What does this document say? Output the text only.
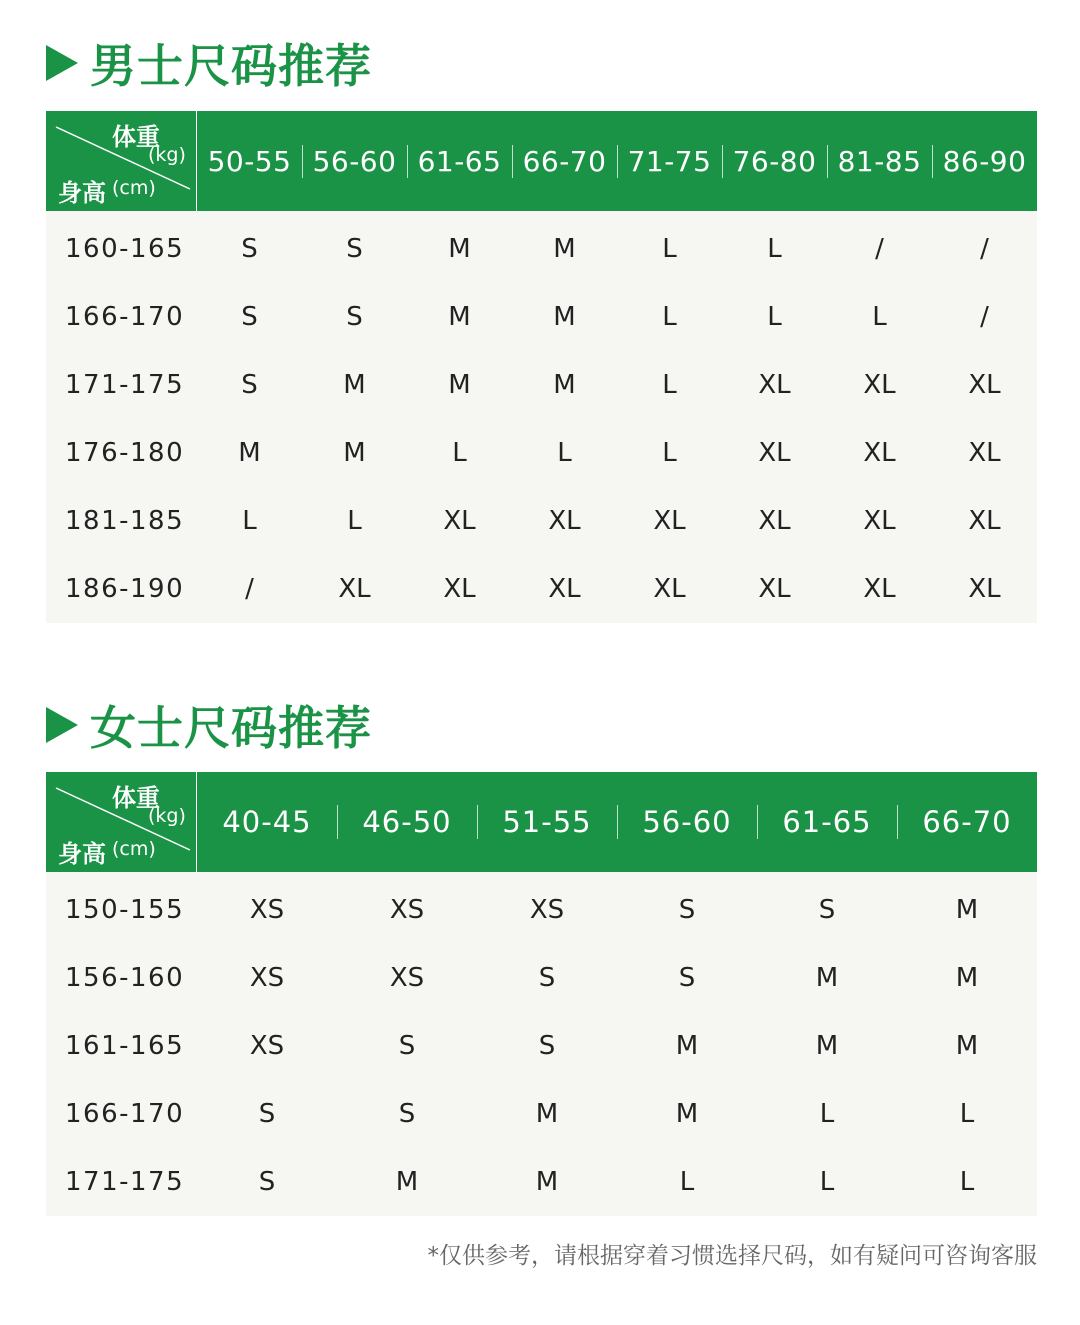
男士尺码推荐
体重
(kg)
身高 (cm)
50-55 56-60 61-65 66-70 71-75 76-80 81-85 86-90
160-165	S	S	M	M	L	L	/	/
166-170	S	S	M	M	L	L	L	/
171-175	S	M	M	M	L	XL	XL	XL
176-180	M	M	L	L	L	XL	XL	XL
181-185	L	L	XL	XL	XL	XL	XL	XL
186-190	/	XL	XL	XL	XL	XL	XL	XL
女士尺码推荐
体重
(kg)
身高 (cm)
40-45	46-50	51-55	56-60	61-65	66-70
150-155	XS	XS	XS	S	S	M
156-160	XS	XS	S	S	M	M
161-165	XS	S	S	M	M	M
166-170	S	S	M	M	L	L
171-175	S	M	M	L	L	L
*仅供参考，请根据穿着习惯选择尺码，如有疑问可咨询客服
